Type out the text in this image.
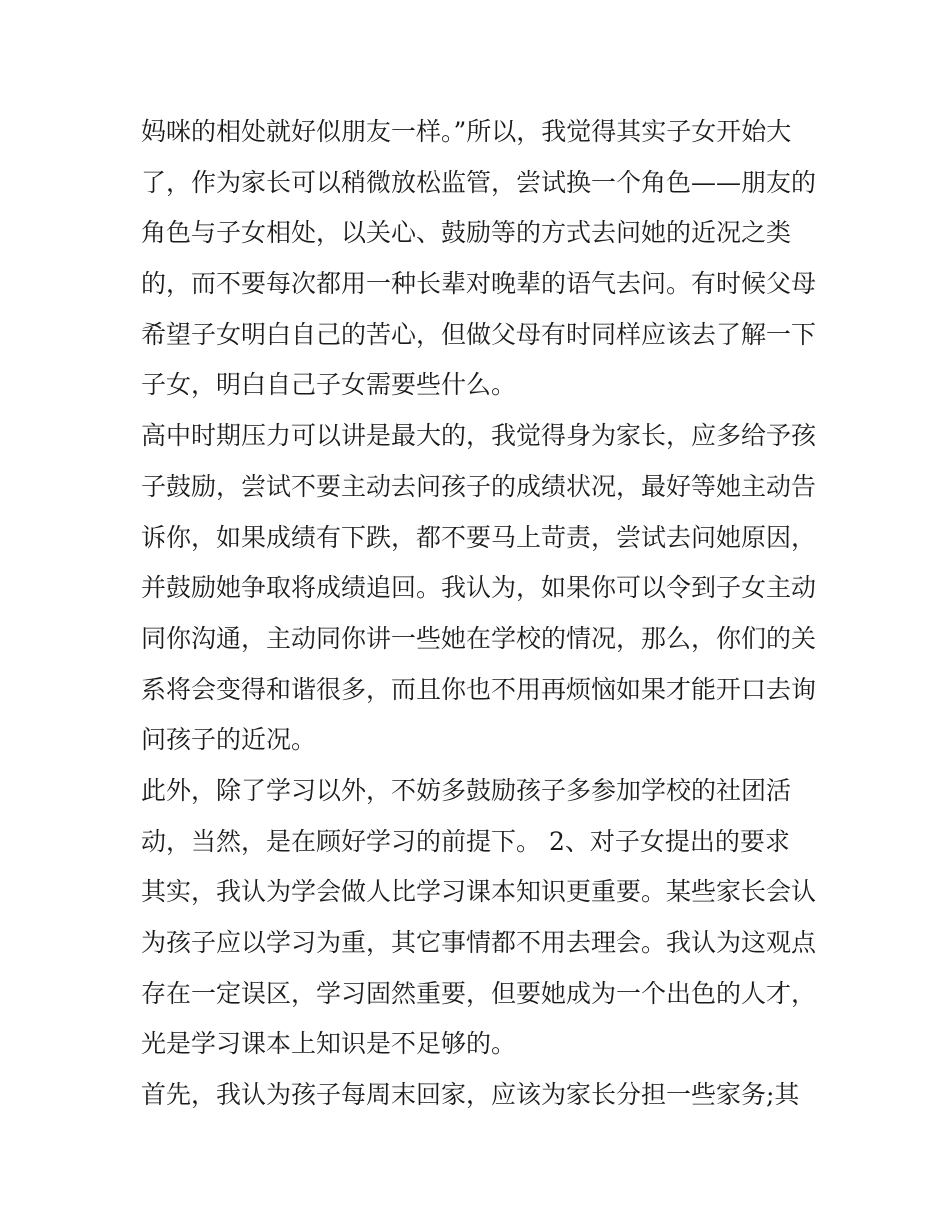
妈咪的相处就好似朋友一样。”所以，我觉得其实子女开始大
了，作为家长可以稍微放松监管，尝试换一个角色——朋友的
角色与子女相处，以关心、鼓励等的方式去问她的近况之类
的，而不要每次都用一种长辈对晚辈的语气去问。有时候父母
希望子女明白自己的苦心，但做父母有时同样应该去了解一下
子女，明白自己子女需要些什么。
高中时期压力可以讲是最大的，我觉得身为家长，应多给予孩
子鼓励，尝试不要主动去问孩子的成绩状况，最好等她主动告
诉你，如果成绩有下跌，都不要马上苛责，尝试去问她原因，
并鼓励她争取将成绩追回。我认为，如果你可以令到子女主动
同你沟通，主动同你讲一些她在学校的情况，那么，你们的关
系将会变得和谐很多，而且你也不用再烦恼如果才能开口去询
问孩子的近况。
此外，除了学习以外，不妨多鼓励孩子多参加学校的社团活
动，当然，是在顾好学习的前提下。 2、对子女提出的要求
其实，我认为学会做人比学习课本知识更重要。某些家长会认
为孩子应以学习为重，其它事情都不用去理会。我认为这观点
存在一定误区，学习固然重要，但要她成为一个出色的人才，
光是学习课本上知识是不足够的。
首先，我认为孩子每周末回家，应该为家长分担一些家务;其
